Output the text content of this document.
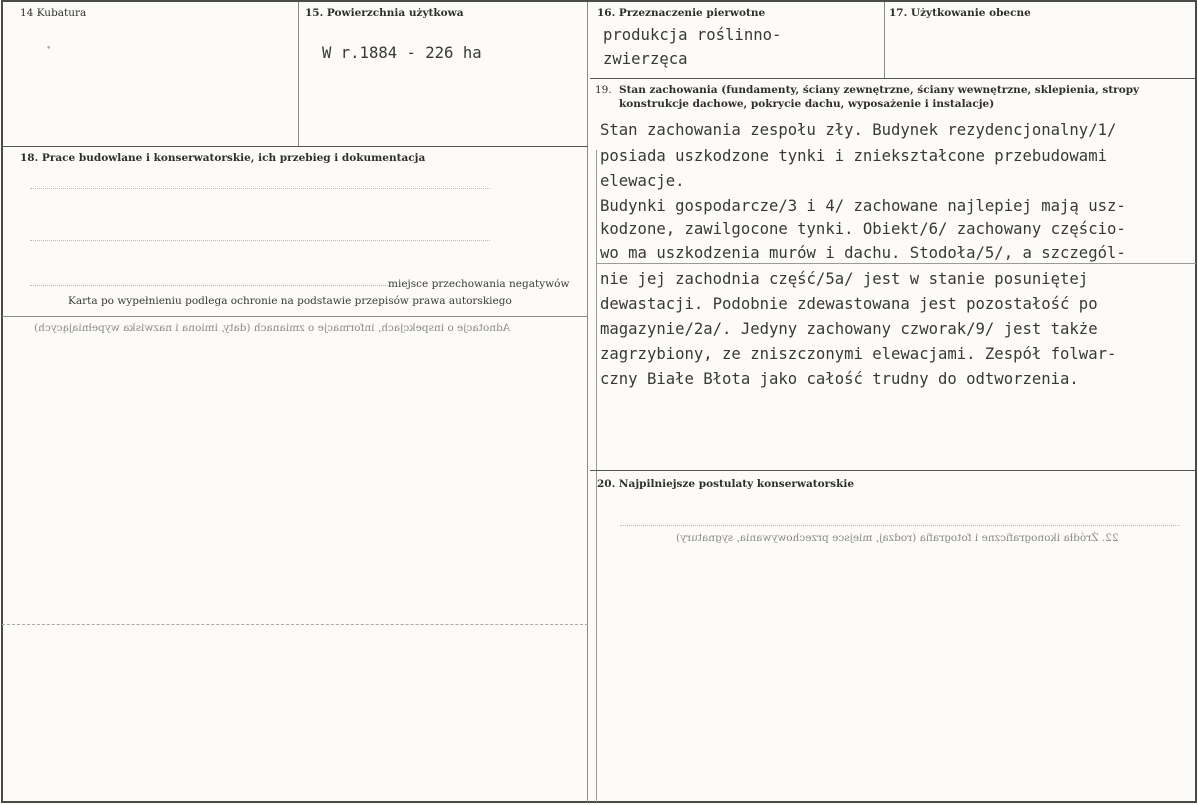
14 Kubatura
•
15. Powierzchnia użytkowa
W r.1884 - 226 ha
16. Przeznaczenie pierwotne
produkcja roślinno-
zwierzęca
17. Użytkowanie obecne
18. Prace budowlane i konserwatorskie, ich przebieg i dokumentacja
miejsce przechowania negatywów
Karta po wypełnieniu podlega ochronie na podstawie przepisów prawa autorskiego
Adnotacje o inspekcjach, informacje o zmianach (daty, imiona i nazwiska wypełniających)
19. Stan zachowania (fundamenty, ściany zewnętrzne, ściany wewnętrzne, sklepienia, stropy
konstrukcje dachowe, pokrycie dachu, wyposażenie i instalacje)
Stan zachowania zespołu zły. Budynek rezydencjonalny/1/
posiada uszkodzone tynki i zniekształcone przebudowami
elewacje.
Budynki gospodarcze/3 i 4/ zachowane najlepiej mają usz-
kodzone, zawilgocone tynki. Obiekt/6/ zachowany częścio-
wo ma uszkodzenia murów i dachu. Stodoła/5/, a szczegól-
nie jej zachodnia część/5a/ jest w stanie posuniętej
dewastacji. Podobnie zdewastowana jest pozostałość po
magazynie/2a/. Jedyny zachowany czworak/9/ jest także
zagrzybiony, ze zniszczonymi elewacjami. Zespół folwar-
czny Białe Błota jako całość trudny do odtworzenia.
20. Najpilniejsze postulaty konserwatorskie
22. Źródła ikonograficzne i fotografia (rodzaj, miejsce przechowywania, sygnatury)
